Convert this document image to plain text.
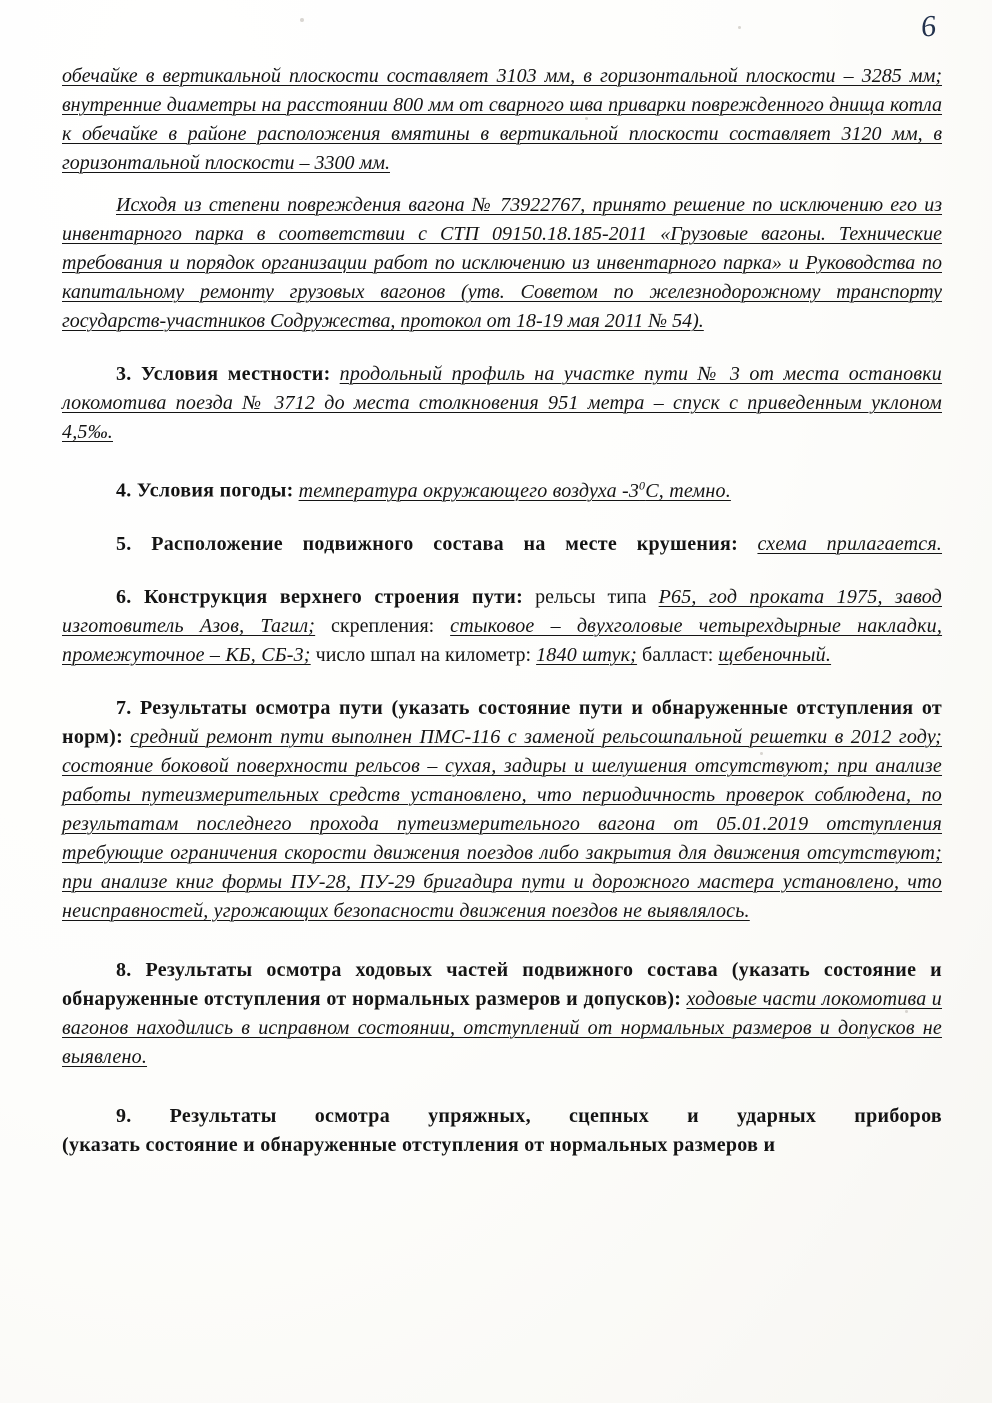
6

обечайке в вертикальной плоскости составляет 3103 мм, в горизонтальной плоскости – 3285 мм; внутренние диаметры на расстоянии 800 мм от сварного шва приварки поврежденного днища котла к обечайке в районе расположения вмятины в вертикальной плоскости составляет 3120 мм, в горизонтальной плоскости – 3300 мм.

Исходя из степени повреждения вагона № 73922767, принято решение по исключению его из инвентарного парка в соответствии с СТП 09150.18.185-2011 «Грузовые вагоны. Технические требования и порядок организации работ по исключению из инвентарного парка» и Руководства по капитальному ремонту грузовых вагонов (утв. Советом по железнодорожному транспорту государств-участников Содружества, протокол от 18-19 мая 2011 № 54).

3. Условия местности: продольный профиль на участке пути № 3 от места остановки локомотива поезда № 3712 до места столкновения 951 метра – спуск с приведенным уклоном 4,5‰.

4. Условия погоды: температура окружающего воздуха $-3^0С$, темно.

5. Расположение подвижного состава на месте крушения: схема прилагается.

6. Конструкция верхнего строения пути: рельсы типа Р65, год проката 1975, завод изготовитель Азов, Тагил; скрепления: стыковое – двухголовые четырехдырные накладки, промежуточное – КБ, СБ-3; число шпал на километр: 1840 штук; балласт: щебеночный.

7. Результаты осмотра пути (указать состояние пути и обнаруженные отступления от норм): средний ремонт пути выполнен ПМС-116 с заменой рельсошпальной решетки в 2012 году; состояние боковой поверхности рельсов – сухая, задиры и шелушения отсутствуют; при анализе работы путеизмерительных средств установлено, что периодичность проверок соблюдена, по результатам последнего прохода путеизмерительного вагона от 05.01.2019 отступления требующие ограничения скорости движения поездов либо закрытия для движения отсутствуют; при анализе книг формы ПУ-28, ПУ-29 бригадира пути и дорожного мастера установлено, что неисправностей, угрожающих безопасности движения поездов не выявлялось.

8. Результаты осмотра ходовых частей подвижного состава (указать состояние и обнаруженные отступления от нормальных размеров и допусков): ходовые части локомотива и вагонов находились в исправном состоянии, отступлений от нормальных размеров и допусков не выявлено.

9. Результаты осмотра упряжных, сцепных и ударных приборов

(указать состояние и обнаруженные отступления от нормальных размеров и
